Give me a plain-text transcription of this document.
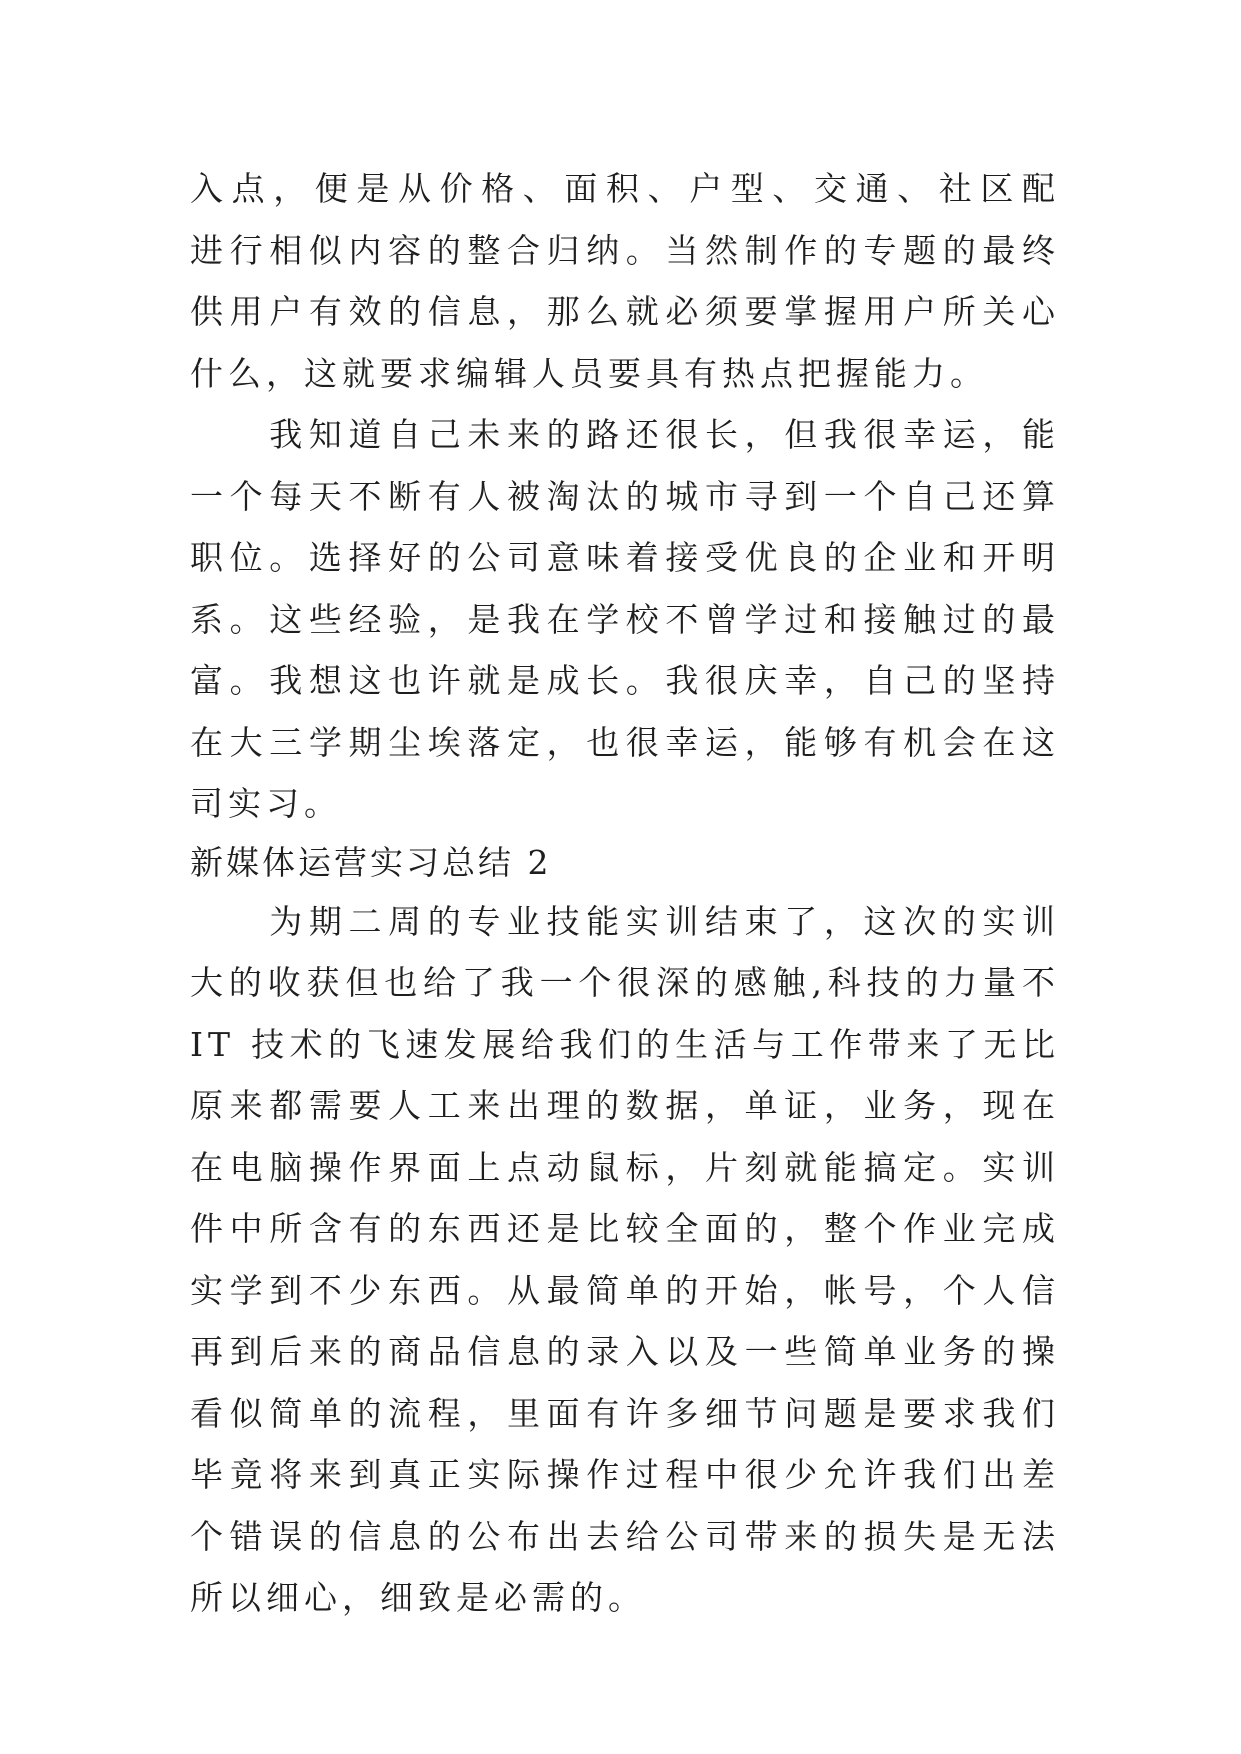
入点，便是从价格、面积、户型、交通、社区配
进行相似内容的整合归纳。当然制作的专题的最终
供用户有效的信息，那么就必须要掌握用户所关心
什么，这就要求编辑人员要具有热点把握能力。
　　我知道自己未来的路还很长，但我很幸运，能
一个每天不断有人被淘汰的城市寻到一个自己还算
职位。选择好的公司意味着接受优良的企业和开明
系。这些经验，是我在学校不曾学过和接触过的最
富。我想这也许就是成长。我很庆幸，自己的坚持
在大三学期尘埃落定，也很幸运，能够有机会在这
司实习。
新媒体运营实习总结 2
　　为期二周的专业技能实训结束了，这次的实训
大的收获但也给了我一个很深的感触,科技的力量不
IT 技术的飞速发展给我们的生活与工作带来了无比
原来都需要人工来出理的数据，单证，业务，现在
在电脑操作界面上点动鼠标，片刻就能搞定。实训
件中所含有的东西还是比较全面的，整个作业完成
实学到不少东西。从最简单的开始，帐号，个人信
再到后来的商品信息的录入以及一些简单业务的操
看似简单的流程，里面有许多细节问题是要求我们
毕竟将来到真正实际操作过程中很少允许我们出差
个错误的信息的公布出去给公司带来的损失是无法
所以细心，细致是必需的。
